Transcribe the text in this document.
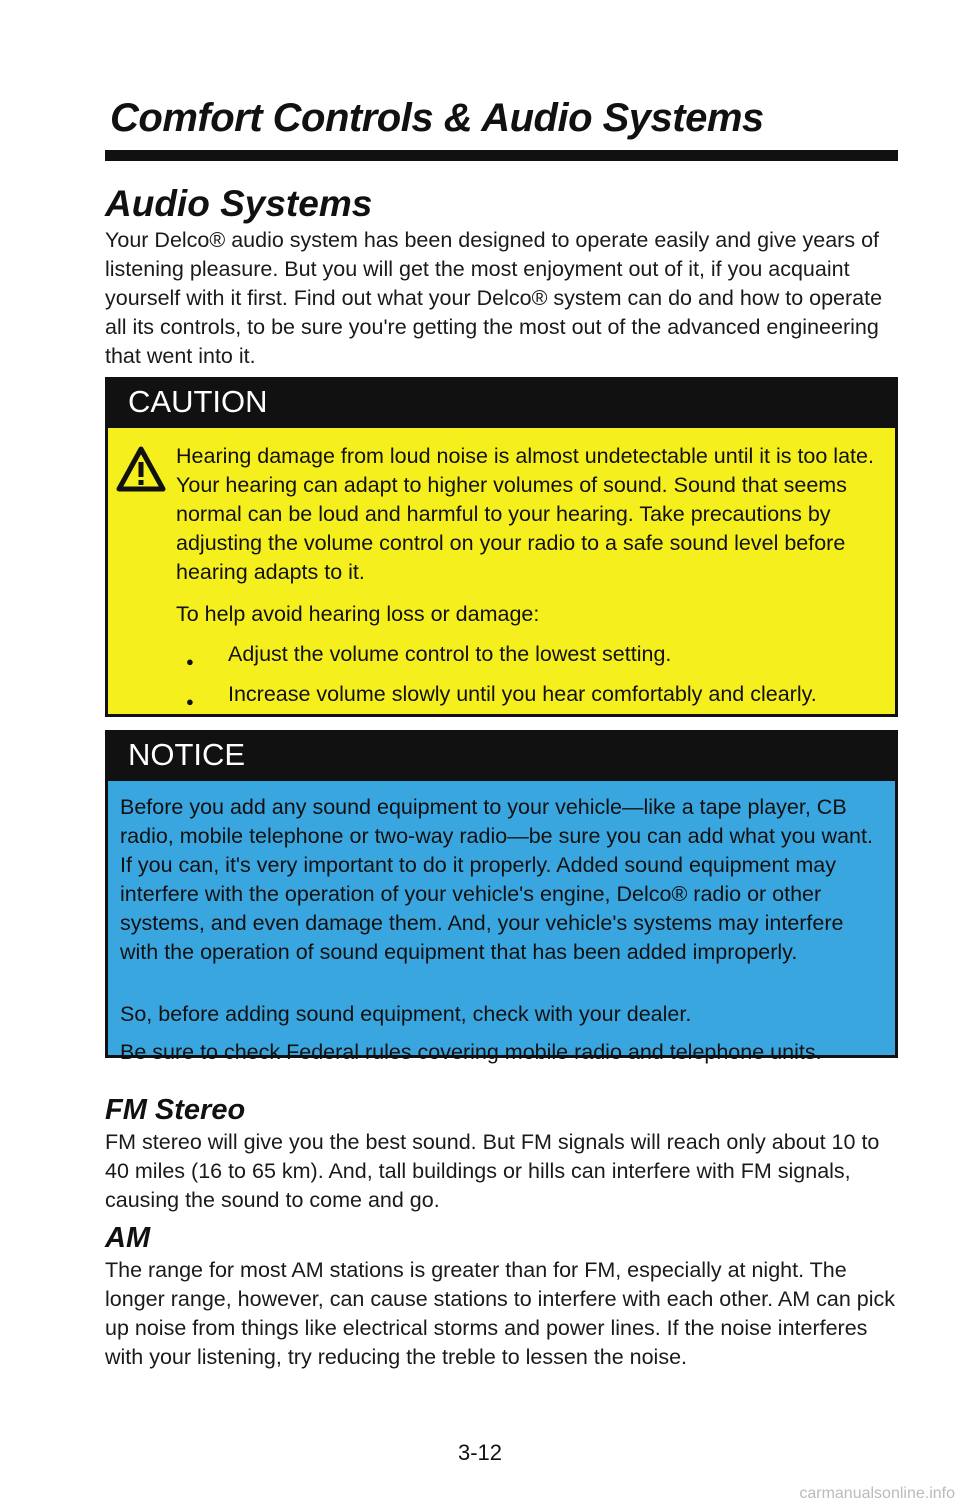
Comfort Controls & Audio Systems
Audio Systems
Your Delco® audio system has been designed to operate easily and give years of listening pleasure. But you will get the most enjoyment out of it, if you acquaint yourself with it first. Find out what your Delco® system can do and how to operate all its controls, to be sure you're getting the most out of the advanced engineering that went into it.
CAUTION
Hearing damage from loud noise is almost undetectable until it is too late. Your hearing can adapt to higher volumes of sound. Sound that seems normal can be loud and harmful to your hearing. Take precautions by adjusting the volume control on your radio to a safe sound level before hearing adapts to it.
To help avoid hearing loss or damage:
● Adjust the volume control to the lowest setting.
● Increase volume slowly until you hear comfortably and clearly.
NOTICE
Before you add any sound equipment to your vehicle—like a tape player, CB radio, mobile telephone or two-way radio—be sure you can add what you want. If you can, it's very important to do it properly. Added sound equipment may interfere with the operation of your vehicle's engine, Delco® radio or other systems, and even damage them. And, your vehicle's systems may interfere with the operation of sound equipment that has been added improperly.
So, before adding sound equipment, check with your dealer.
Be sure to check Federal rules covering mobile radio and telephone units.
FM Stereo
FM stereo will give you the best sound. But FM signals will reach only about 10 to 40 miles (16 to 65 km). And, tall buildings or hills can interfere with FM signals, causing the sound to come and go.
AM
The range for most AM stations is greater than for FM, especially at night. The longer range, however, can cause stations to interfere with each other. AM can pick up noise from things like electrical storms and power lines. If the noise interferes with your listening, try reducing the treble to lessen the noise.
3-12
carmanualsonline.info
